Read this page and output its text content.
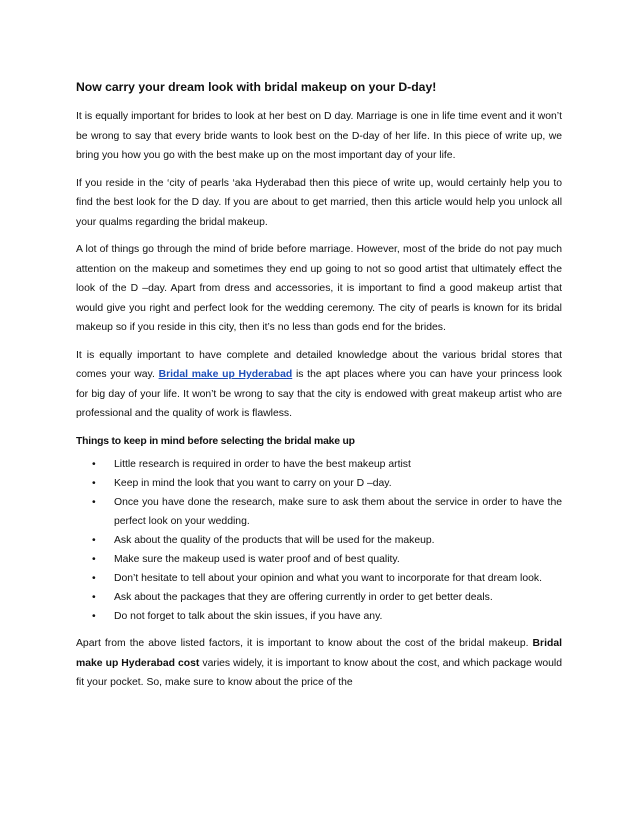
Now carry your dream look with bridal makeup on your D-day!

It is equally important for brides to look at her best on D day. Marriage is one in life time event and it won’t be wrong to say that every bride wants to look best on the D-day of her life. In this piece of write up, we bring you how you go with the best make up on the most important day of your life.

If you reside in the ‘city of pearls ‘aka Hyderabad then this piece of write up, would certainly help you to find the best look for the D day. If you are about to get married, then this article would help you unlock all your qualms regarding the bridal makeup.

A lot of things go through the mind of bride before marriage. However, most of the bride do not pay much attention on the makeup and sometimes they end up going to not so good artist that ultimately effect the look of the D –day. Apart from dress and accessories, it is important to find a good makeup artist that would give you right and perfect look for the wedding ceremony. The city of pearls is known for its bridal makeup so if you reside in this city, then it’s no less than gods end for the brides.

It is equally important to have complete and detailed knowledge about the various bridal stores that comes your way. Bridal make up Hyderabad is the apt places where you can have your princess look for big day of your life. It won’t be wrong to say that the city is endowed with great makeup artist who are professional and the quality of work is flawless.

Things to keep in mind before selecting the bridal make up
• Little research is required in order to have the best makeup artist
• Keep in mind the look that you want to carry on your D –day.
• Once you have done the research, make sure to ask them about the service in order to have the perfect look on your wedding.
• Ask about the quality of the products that will be used for the makeup.
• Make sure the makeup used is water proof and of best quality.
• Don’t hesitate to tell about your opinion and what you want to incorporate for that dream look.
• Ask about the packages that they are offering currently in order to get better deals.
• Do not forget to talk about the skin issues, if you have any.

Apart from the above listed factors, it is important to know about the cost of the bridal makeup. Bridal make up Hyderabad cost varies widely, it is important to know about the cost, and which package would fit your pocket. So, make sure to know about the price of the
